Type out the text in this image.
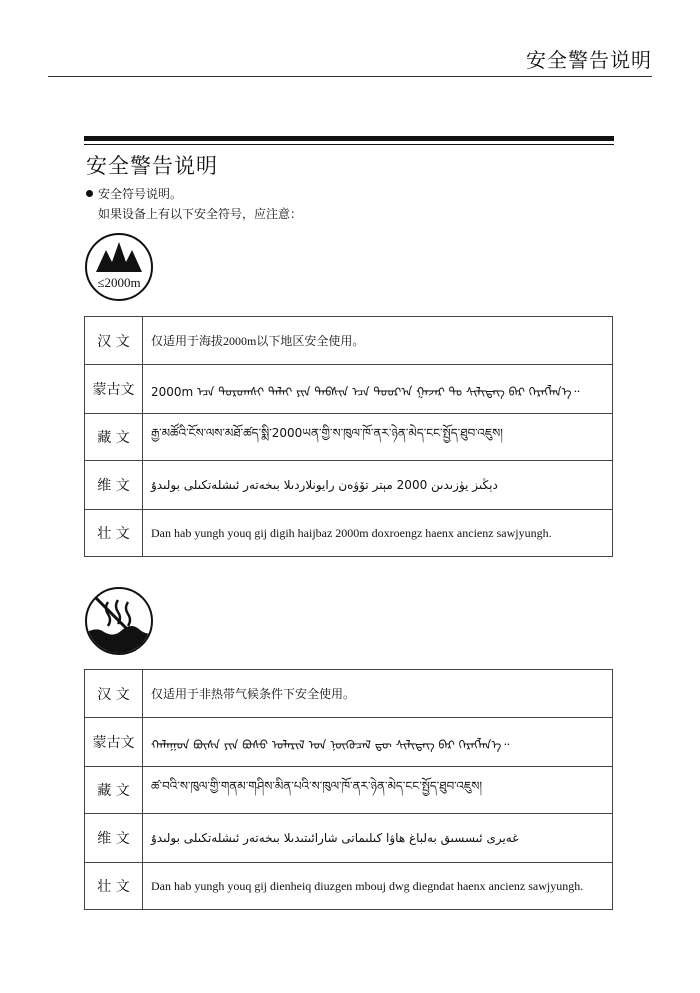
安全警告说明
安全警告说明
安全符号说明。
如果设备上有以下安全符号，应注意：
≤2000m
汉 文	仅适用于海拔2000m以下地区安全使用。
蒙古文	2000m ᠡᠴᠡ ᠳᠣᠷᠣᠭᠰᠢ ᠳᠠᠯᠠᠢ ᠶᠢᠨ ᠲᠡᠪᠰᠢᠨ ᠡᠴᠡ ᠳᠣᠣᠷ᠎ᠠ ᠭᠠᠵᠠᠷ ᠲᠤ ᠰᠢᠯᠢᠳᠡᠭ ᠪᠡᠷ ᠬᠡᠷᠡᠭᠯᠡᠨ᠎ᠡ᠃
藏 文	རྒྱ་མཚོའི་ངོས་ལས་མཐོ་ཚད་སྨི་2000ཡན་གྱི་ས་ཁུལ་ཁོ་ནར་ཉེན་མེད་ངང་སྤྱོད་ཐུབ་འཇུས།
维 文	دېڭىز يۈزىدىن 2000 مېتر تۆۋەن رايونلاردىلا بىخەتەر ئىشلەتكىلى بولىدۇ
壮 文	Dan hab yungh youq gij digih haijbaz 2000m doxroengz haenx ancienz sawjyungh.
汉 文	仅适用于非热带气候条件下安全使用。
蒙古文	ᠬᠠᠯᠠᠭᠤᠨ ᠪᠦᠰᠡ ᠶᠢᠨ ᠪᠤᠰᠤ ᠤᠯᠠᠷᠢᠯ ᠤᠨ ᠨᠥᠬᠥᠴᠡᠯ ᠳᠦ ᠰᠢᠯᠢᠳᠡᠭ ᠪᠡᠷ ᠬᠡᠷᠡᠭᠯᠡᠨ᠎ᠡ᠃
藏 文	ཚ་བའི་ས་ཁུལ་གྱི་གནམ་གཤིས་མིན་པའི་ས་ཁུལ་ཁོ་ནར་ཉེན་མེད་ངང་སྤྱོད་ཐུབ་འཇུས།
维 文	غەيرى ئىسسىق بەلباغ ھاۋا كىلىماتى شارائىتىدىلا بىخەتەر ئىشلەتكىلى بولىدۇ
壮 文	Dan hab yungh youq gij dienheiq diuzgen mbouj dwg diegndat haenx ancienz sawjyungh.
